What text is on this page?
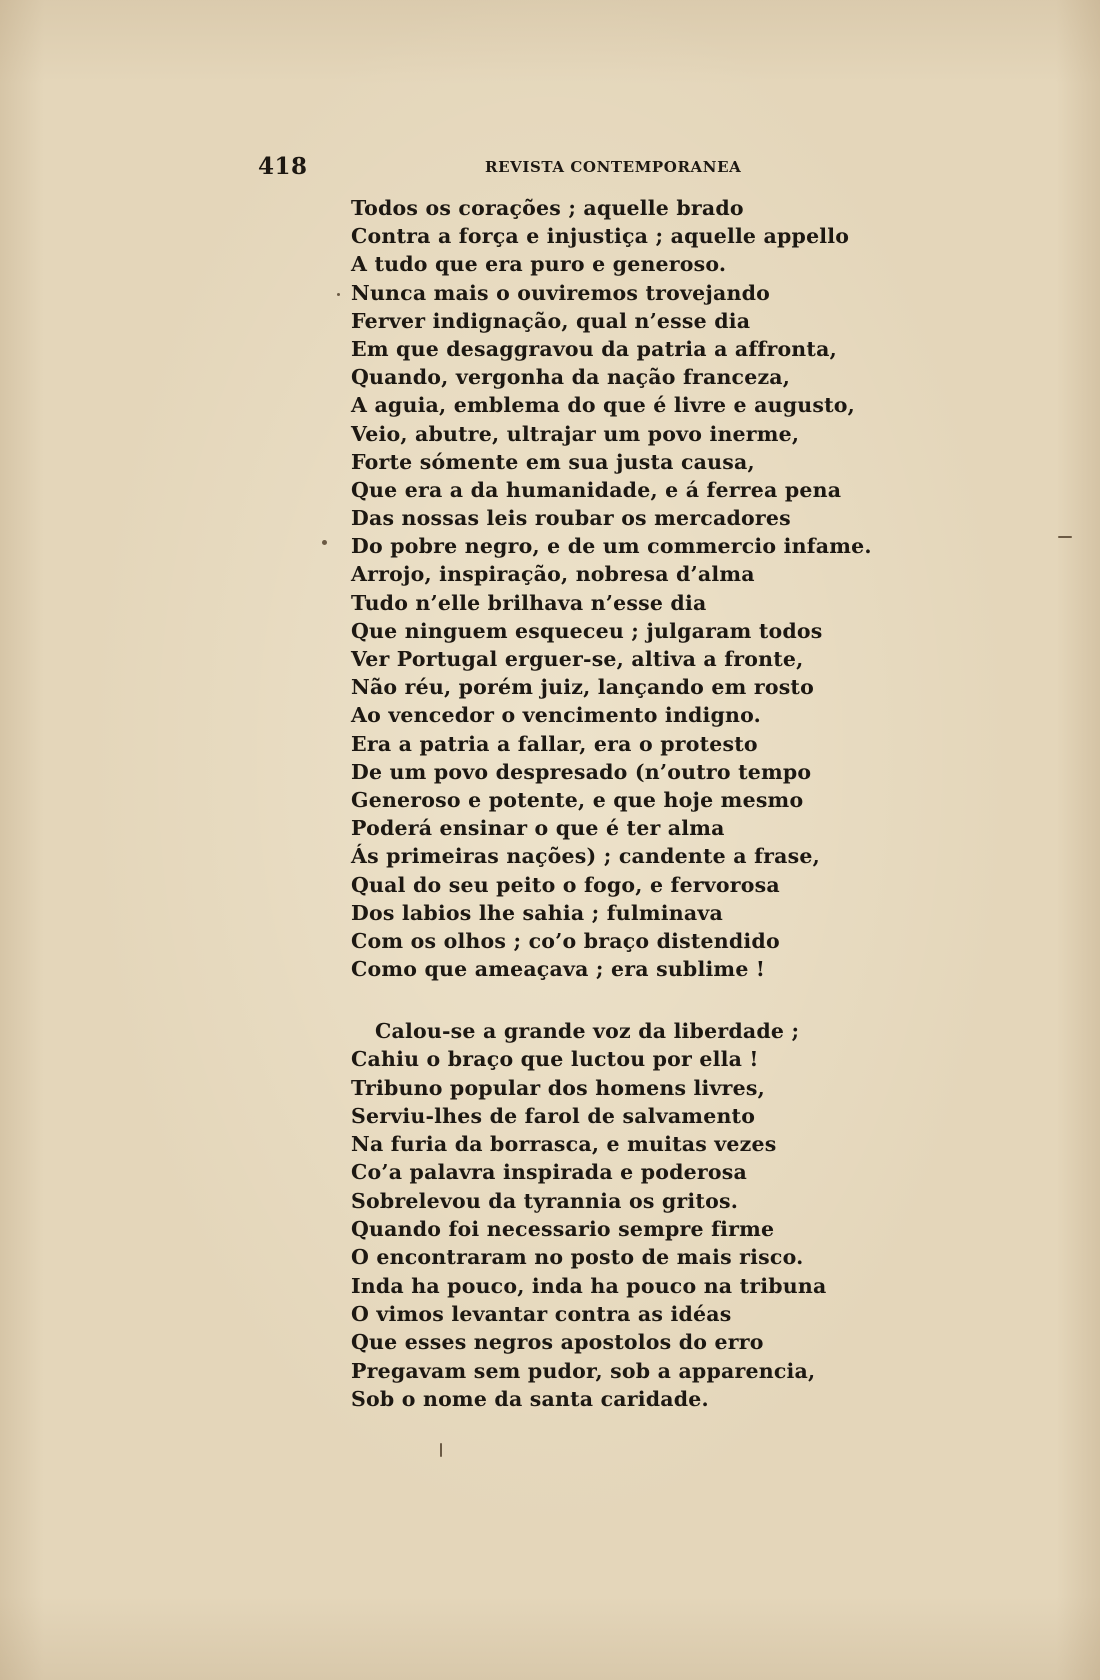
418	REVISTA CONTEMPORANEA
Todos os corações ; aquelle brado
Contra a força e injustiça ; aquelle appello
A tudo que era puro e generoso.
Nunca mais o ouviremos trovejando
Ferver indignação, qual n’esse dia
Em que desaggravou da patria a affronta,
Quando, vergonha da nação franceza,
A aguia, emblema do que é livre e augusto,
Veio, abutre, ultrajar um povo inerme,
Forte sómente em sua justa causa,
Que era a da humanidade, e á ferrea pena
Das nossas leis roubar os mercadores
Do pobre negro, e de um commercio infame.
Arrojo, inspiração, nobresa d’alma
Tudo n’elle brilhava n’esse dia
Que ninguem esqueceu ; julgaram todos
Ver Portugal erguer-se, altiva a fronte,
Não réu, porém juiz, lançando em rosto
Ao vencedor o vencimento indigno.
Era a patria a fallar, era o protesto
De um povo despresado (n’outro tempo
Generoso e potente, e que hoje mesmo
Poderá ensinar o que é ter alma
Ás primeiras nações) ; candente a frase,
Qual do seu peito o fogo, e fervorosa
Dos labios lhe sahia ; fulminava
Com os olhos ; co’o braço distendido
Como que ameaçava ; era sublime !
Calou-se a grande voz da liberdade ;
Cahiu o braço que luctou por ella !
Tribuno popular dos homens livres,
Serviu-lhes de farol de salvamento
Na furia da borrasca, e muitas vezes
Co’a palavra inspirada e poderosa
Sobrelevou da tyrannia os gritos.
Quando foi necessario sempre firme
O encontraram no posto de mais risco.
Inda ha pouco, inda ha pouco na tribuna
O vimos levantar contra as idéas
Que esses negros apostolos do erro
Pregavam sem pudor, sob a apparencia,
Sob o nome da santa caridade.
